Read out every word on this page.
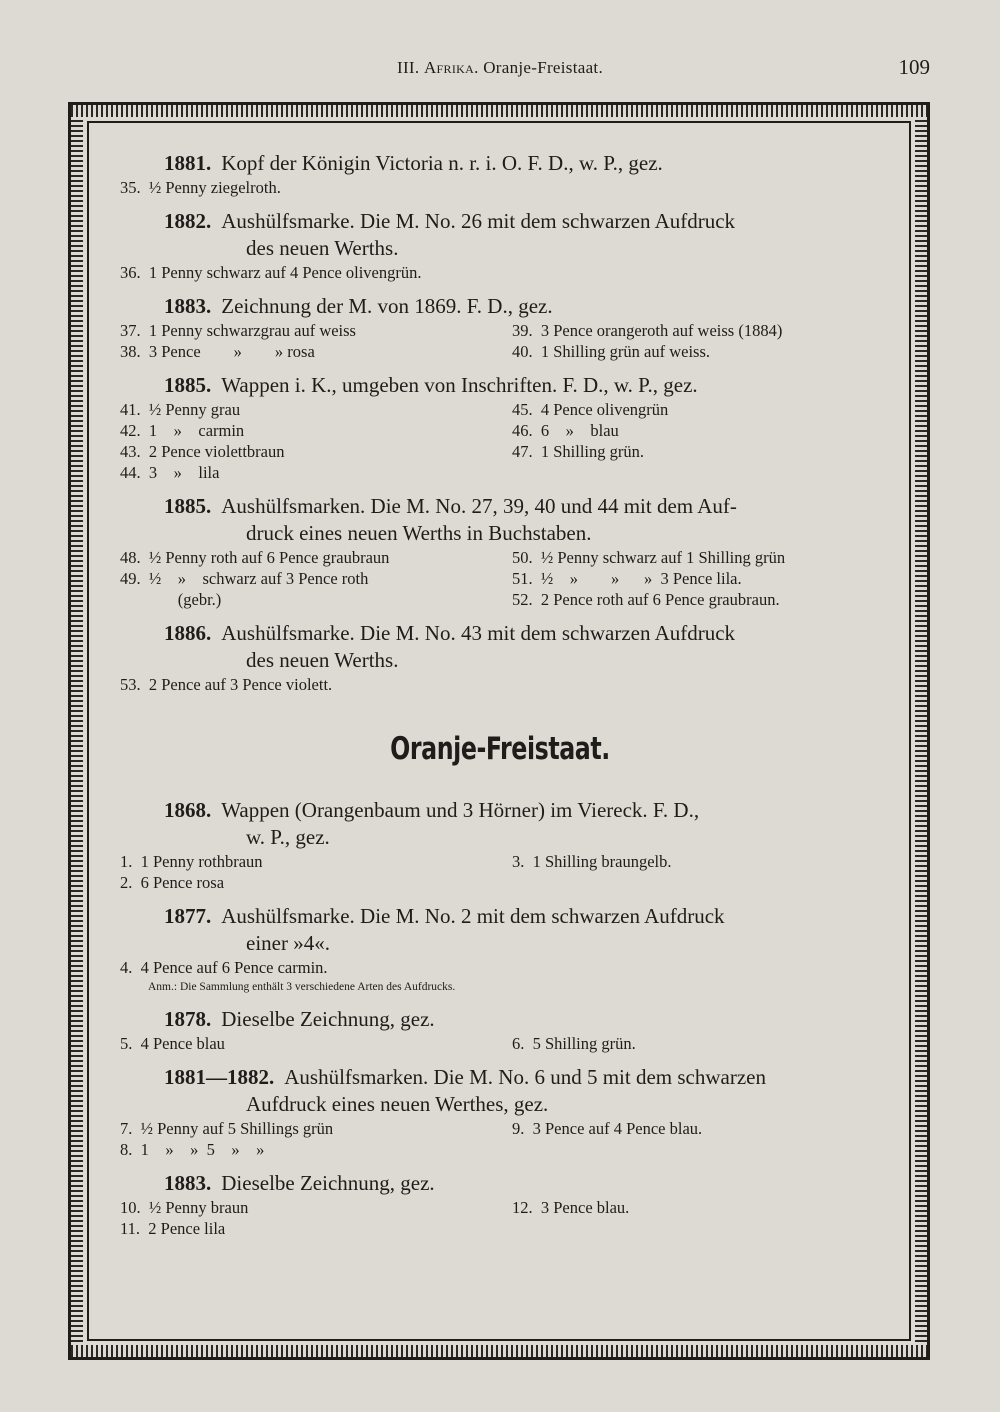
III. Afrika. Oranje-Freistaat.	109
1881. Kopf der Königin Victoria n. r. i. O. F. D., w. P., gez.
35.  ½ Penny ziegelroth.
1882. Aushülfsmarke. Die M. No. 26 mit dem schwarzen Aufdruck
des neuen Werths.
36.  1 Penny schwarz auf 4 Pence olivengrün.
1883. Zeichnung der M. von 1869. F. D., gez.
37.  1 Penny schwarzgrau auf weiss	39.  3 Pence orangeroth auf weiss (1884)
38.  3 Pence        »        » rosa	40.  1 Shilling grün auf weiss.
1885. Wappen i. K., umgeben von Inschriften. F. D., w. P., gez.
41.  ½ Penny grau	45.  4 Pence olivengrün
42.  1    »    carmin	46.  6    »    blau
43.  2 Pence violettbraun	47.  1 Shilling grün.
44.  3    »    lila
1885. Aushülfsmarken. Die M. No. 27, 39, 40 und 44 mit dem Auf-
druck eines neuen Werths in Buchstaben.
48.  ½ Penny roth auf 6 Pence graubraun	50.  ½ Penny schwarz auf 1 Shilling grün
49.  ½    »    schwarz auf 3 Pence roth	51.  ½    »        »      »  3 Pence lila.
(gebr.)	52.  2 Pence roth auf 6 Pence graubraun.
1886. Aushülfsmarke. Die M. No. 43 mit dem schwarzen Aufdruck
des neuen Werths.
53.  2 Pence auf 3 Pence violett.
Oranje-Freistaat.
1868. Wappen (Orangenbaum und 3 Hörner) im Viereck. F. D.,
w. P., gez.
1.  1 Penny rothbraun	3.  1 Shilling braungelb.
2.  6 Pence rosa
1877. Aushülfsmarke. Die M. No. 2 mit dem schwarzen Aufdruck
einer »4«.
4.  4 Pence auf 6 Pence carmin.
Anm.: Die Sammlung enthält 3 verschiedene Arten des Aufdrucks.
1878. Dieselbe Zeichnung, gez.
5.  4 Pence blau	6.  5 Shilling grün.
1881—1882. Aushülfsmarken. Die M. No. 6 und 5 mit dem schwarzen
Aufdruck eines neuen Werthes, gez.
7.  ½ Penny auf 5 Shillings grün	9.  3 Pence auf 4 Pence blau.
8.  1    »    »  5    »    »
1883. Dieselbe Zeichnung, gez.
10.  ½ Penny braun	12.  3 Pence blau.
11.  2 Pence lila
